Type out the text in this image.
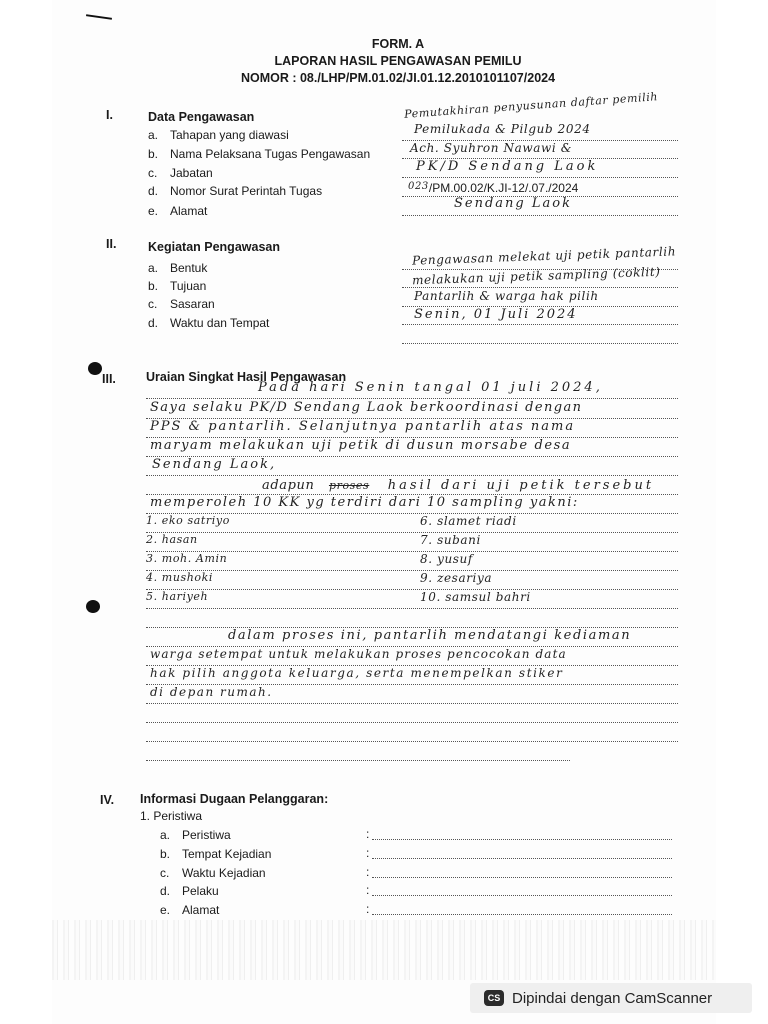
FORM. A
LAPORAN HASIL PENGAWASAN PEMILU
NOMOR : 08./LHP/PM.01.02/JI.01.12.2010101107/2024
I.	Data Pengawasan
a. Tahapan yang diawasi
b. Nama Pelaksana Tugas Pengawasan
c. Jabatan
d. Nomor Surat Perintah Tugas
e. Alamat
Pemutakhiran penyusunan daftar pemilih
Pemilukada & Pilgub 2024
Ach. Syuhron Nawawi &
PK/D Sendang Laok
$^{023}$/PM.00.02/K.JI-12/.07./2024
Sendang Laok
II.	Kegiatan Pengawasan
a. Bentuk
b. Tujuan
c. Sasaran
d. Waktu dan Tempat
Pengawasan melekat uji petik pantarlih
melakukan uji petik sampling (coklit)
Pantarlih & warga hak pilih
Senin, 01 Juli 2024
III. Uraian Singkat Hasil Pengawasan
Pada hari Senin tangal 01 juli 2024,
Saya selaku PK/D Sendang Laok berkoordinasi dengan
PPS & pantarlih. Selanjutnya pantarlih atas nama
maryam melakukan uji petik di dusun morsabe desa
Sendang Laok,
adapun proses hasil dari uji petik tersebut
memperoleh 10 KK yg terdiri dari 10 sampling yakni:
1. eko satriyo
2. hasan
3. moh. Amin
4. mushoki
5. hariyeh
6. slamet riadi
7. subani
8. yusuf
9. zesariya
10. samsul bahri
dalam proses ini, pantarlih mendatangi kediaman
warga setempat untuk melakukan proses pencocokan data
hak pilih anggota keluarga, serta menempelkan stiker
di depan rumah.
IV. Informasi Dugaan Pelanggaran:
1. Peristiwa
a. Peristiwa
b. Tempat Kejadian
c. Waktu Kejadian
d. Pelaku
e. Alamat
:
:
:
:
:
CS Dipindai dengan CamScanner
